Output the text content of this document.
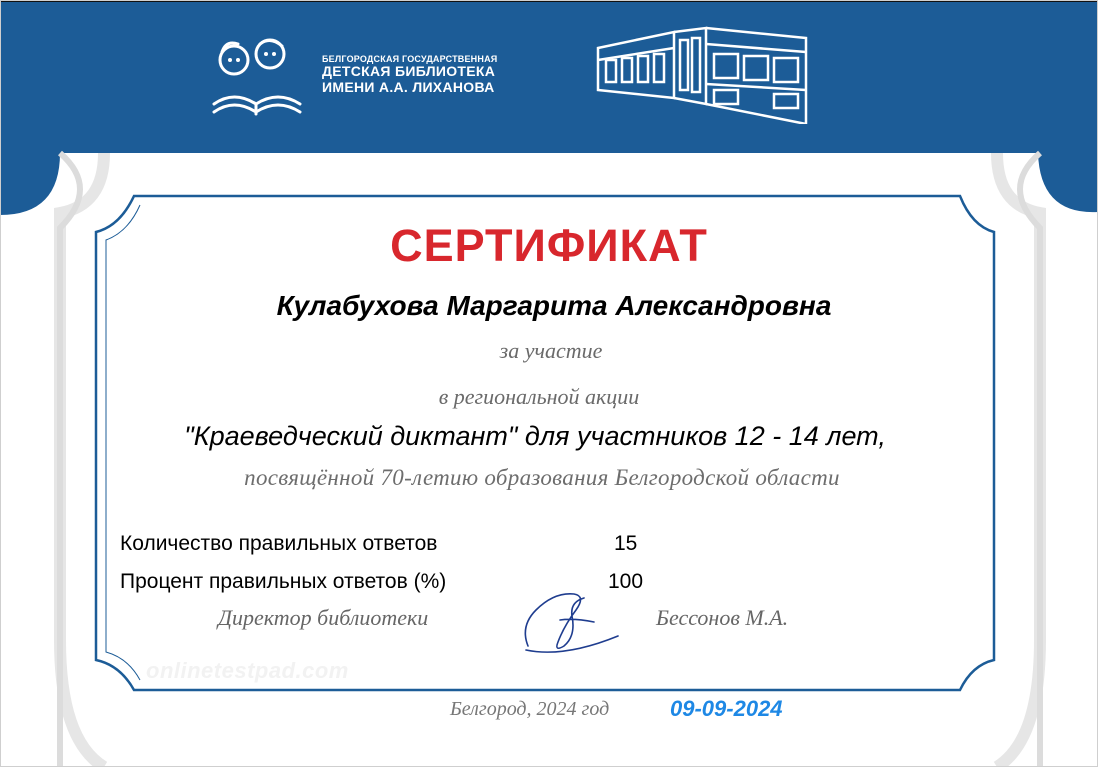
БЕЛГОРОДСКАЯ ГОСУДАРСТВЕННАЯ
ДЕТСКАЯ БИБЛИОТЕКА
ИМЕНИ А.А. ЛИХАНОВА
СЕРТИФИКАТ
Кулабухова Маргарита Александровна
за участие
в региональной акции
"Краеведческий диктант" для участников 12 - 14 лет,
посвящённой 70-летию образования Белгородской области
Количество правильных ответов	15
Процент правильных ответов (%)	100
Директор библиотеки	Бессонов М.А.
onlinetestpad.com
Белгород, 2024 год	09-09-2024
